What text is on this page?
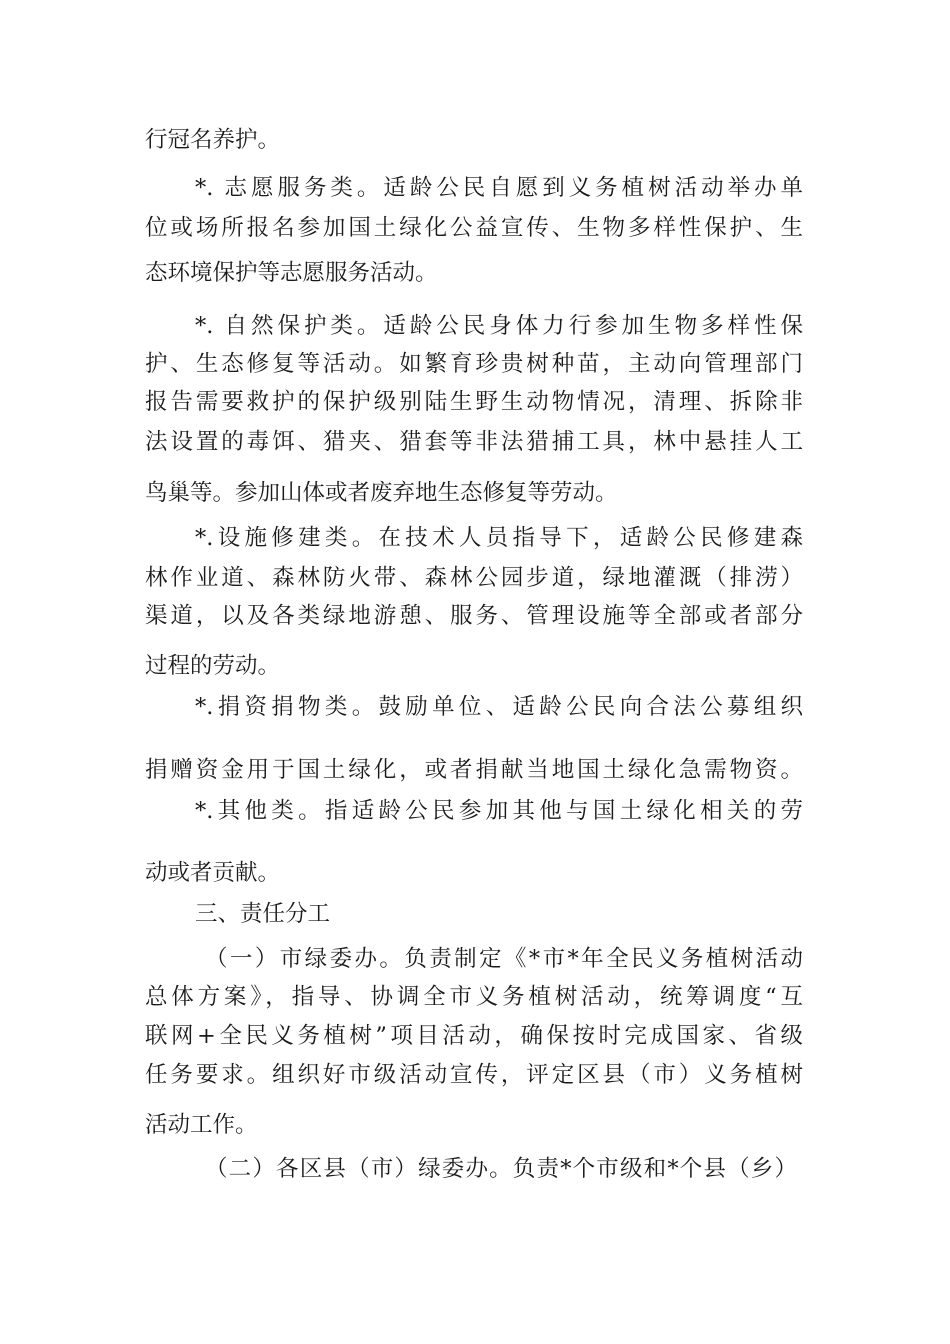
行冠名养护。
*. 志愿服务类。适龄公民自愿到义务植树活动举办单
位或场所报名参加国土绿化公益宣传、生物多样性保护、生
态环境保护等志愿服务活动。
*. 自然保护类。适龄公民身体力行参加生物多样性保
护、生态修复等活动。如繁育珍贵树种苗，主动向管理部门
报告需要救护的保护级别陆生野生动物情况，清理、拆除非
法设置的毒饵、猎夹、猎套等非法猎捕工具，林中悬挂人工
鸟巢等。参加山体或者废弃地生态修复等劳动。
*.设施修建类。在技术人员指导下，适龄公民修建森
林作业道、森林防火带、森林公园步道，绿地灌溉（排涝）
渠道，以及各类绿地游憩、服务、管理设施等全部或者部分
过程的劳动。
*.捐资捐物类。鼓励单位、适龄公民向合法公募组织
捐赠资金用于国土绿化，或者捐献当地国土绿化急需物资。
*.其他类。指适龄公民参加其他与国土绿化相关的劳
动或者贡献。
三、责任分工
（一）市绿委办。负责制定《*市*年全民义务植树活动
总体方案》，指导、协调全市义务植树活动，统筹调度“互
联网+全民义务植树”项目活动，确保按时完成国家、省级
任务要求。组织好市级活动宣传，评定区县（市）义务植树
活动工作。
（二）各区县（市）绿委办。负责*个市级和*个县（乡）
